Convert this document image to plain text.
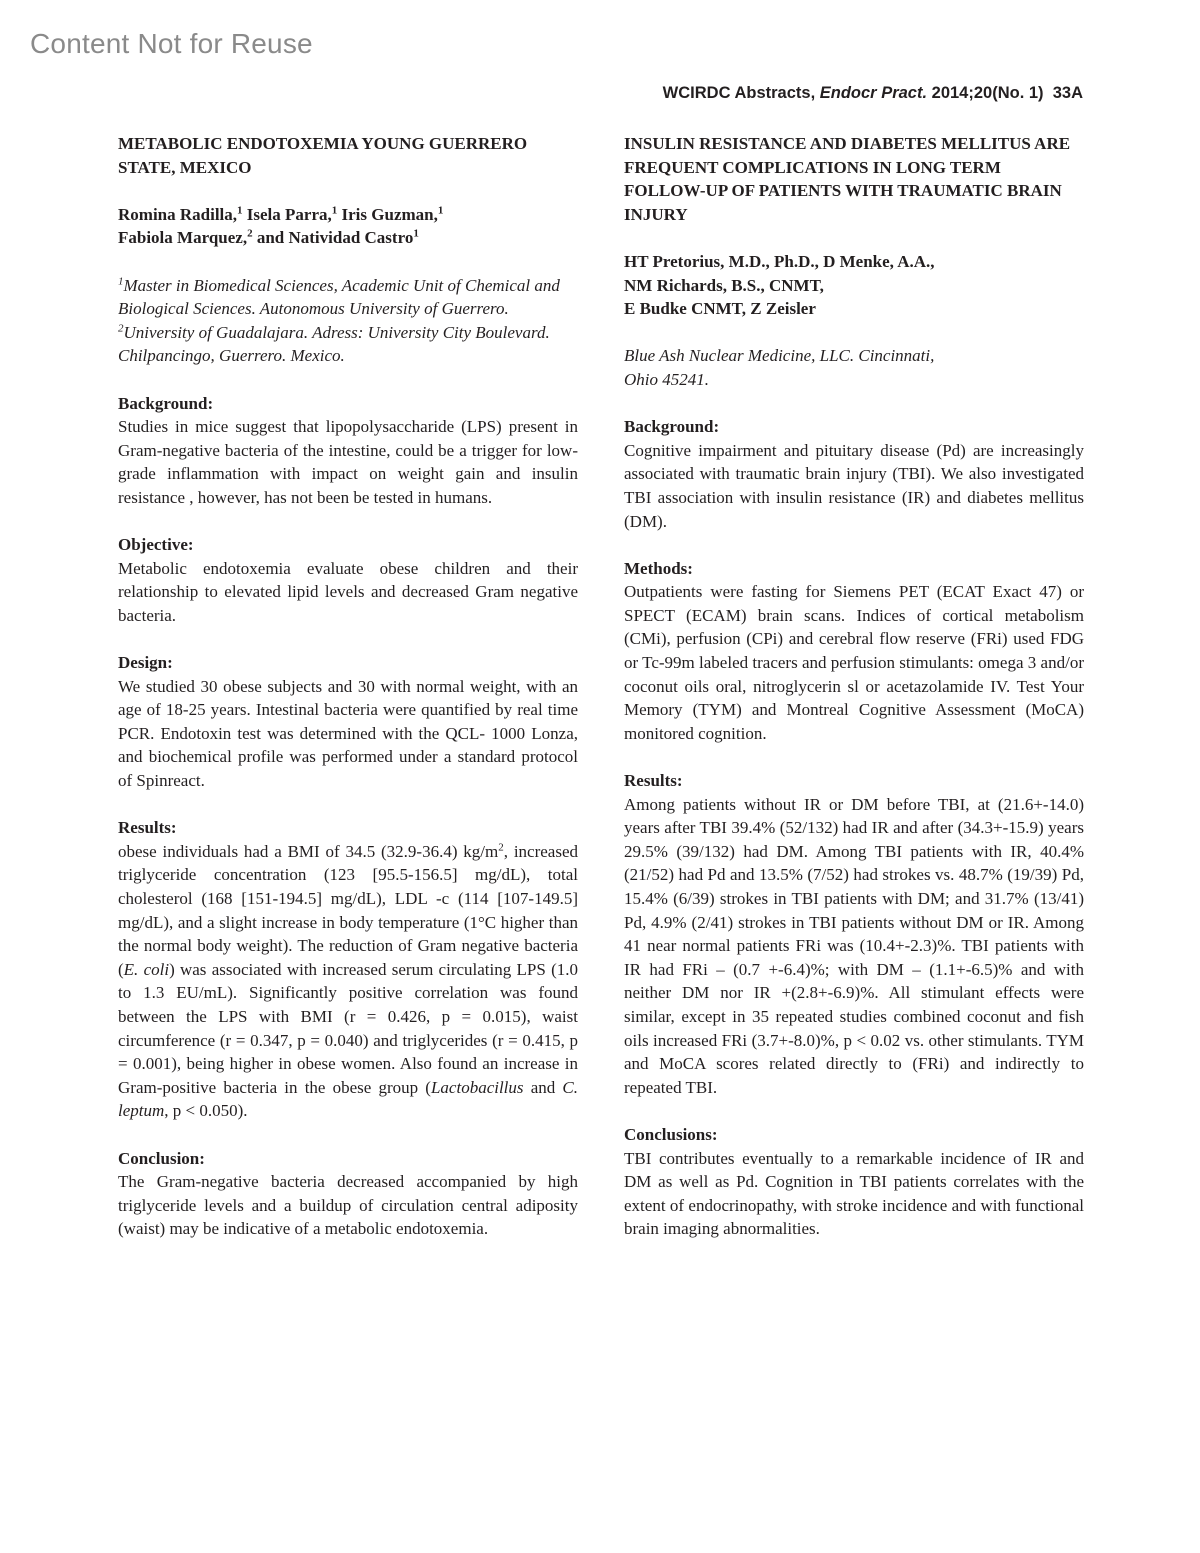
Content Not for Reuse
WCIRDC Abstracts, Endocr Pract. 2014;20(No. 1) 33A
METABOLIC ENDOTOXEMIA YOUNG GUERRERO STATE, MEXICO
Romina Radilla,$^1$ Isela Parra,$^1$ Iris Guzman,$^1$
Fabiola Marquez,$^2$ and Natividad Castro$^1$
$^1$Master in Biomedical Sciences, Academic Unit of Chemical and Biological Sciences. Autonomous University of Guerrero. $^2$University of Guadalajara. Adress: University City Boulevard. Chilpancingo, Guerrero. Mexico.
Background:
Studies in mice suggest that lipopolysaccharide (LPS) present in Gram-negative bacteria of the intestine, could be a trigger for low-grade inflammation with impact on weight gain and insulin resistance , however, has not been be tested in humans.
Objective:
Metabolic endotoxemia evaluate obese children and their relationship to elevated lipid levels and decreased Gram negative bacteria.
Design:
We studied 30 obese subjects and 30 with normal weight, with an age of 18-25 years. Intestinal bacteria were quantified by real time PCR. Endotoxin test was determined with the QCL- 1000 Lonza, and biochemical profile was performed under a standard protocol of Spinreact.
Results:
obese individuals had a BMI of 34.5 (32.9-36.4) $kg/m^2$, increased triglyceride concentration (123 [95.5-156.5] mg/dL), total cholesterol (168 [151-194.5] mg/dL), LDL -c (114 [107-149.5] mg/dL), and a slight increase in body temperature (1°C higher than the normal body weight). The reduction of Gram negative bacteria (E. coli) was associated with increased serum circulating LPS (1.0 to 1.3 EU/mL). Significantly positive correlation was found between the LPS with BMI (r = 0.426, p = 0.015), waist circumference (r = 0.347, p = 0.040) and triglycerides (r = 0.415, p = 0.001), being higher in obese women. Also found an increase in Gram-positive bacteria in the obese group (Lactobacillus and C. leptum, p < 0.050).
Conclusion:
The Gram-negative bacteria decreased accompanied by high triglyceride levels and a buildup of circulation central adiposity (waist) may be indicative of a metabolic endotoxemia.
INSULIN RESISTANCE AND DIABETES MELLITUS ARE FREQUENT COMPLICATIONS IN LONG TERM FOLLOW-UP OF PATIENTS WITH TRAUMATIC BRAIN INJURY
HT Pretorius, M.D., Ph.D., D Menke, A.A.,
NM Richards, B.S., CNMT,
E Budke CNMT, Z Zeisler
Blue Ash Nuclear Medicine, LLC. Cincinnati,
Ohio 45241.
Background:
Cognitive impairment and pituitary disease (Pd) are increasingly associated with traumatic brain injury (TBI). We also investigated TBI association with insulin resistance (IR) and diabetes mellitus (DM).
Methods:
Outpatients were fasting for Siemens PET (ECAT Exact 47) or SPECT (ECAM) brain scans. Indices of cortical metabolism (CMi), perfusion (CPi) and cerebral flow reserve (FRi) used FDG or Tc-99m labeled tracers and perfusion stimulants: omega 3 and/or coconut oils oral, nitroglycerin sl or acetazolamide IV. Test Your Memory (TYM) and Montreal Cognitive Assessment (MoCA) monitored cognition.
Results:
Among patients without IR or DM before TBI, at (21.6+-14.0) years after TBI 39.4% (52/132) had IR and after (34.3+-15.9) years 29.5% (39/132) had DM. Among TBI patients with IR, 40.4% (21/52) had Pd and 13.5% (7/52) had strokes vs. 48.7% (19/39) Pd, 15.4% (6/39) strokes in TBI patients with DM; and 31.7% (13/41) Pd, 4.9% (2/41) strokes in TBI patients without DM or IR. Among 41 near normal patients FRi was (10.4+-2.3)%. TBI patients with IR had FRi – (0.7 +-6.4)%; with DM – (1.1+-6.5)% and with neither DM nor IR +(2.8+-6.9)%. All stimulant effects were similar, except in 35 repeated studies combined coconut and fish oils increased FRi (3.7+-8.0)%, p < 0.02 vs. other stimulants. TYM and MoCA scores related directly to (FRi) and indirectly to repeated TBI.
Conclusions:
TBI contributes eventually to a remarkable incidence of IR and DM as well as Pd. Cognition in TBI patients correlates with the extent of endocrinopathy, with stroke incidence and with functional brain imaging abnormalities.
